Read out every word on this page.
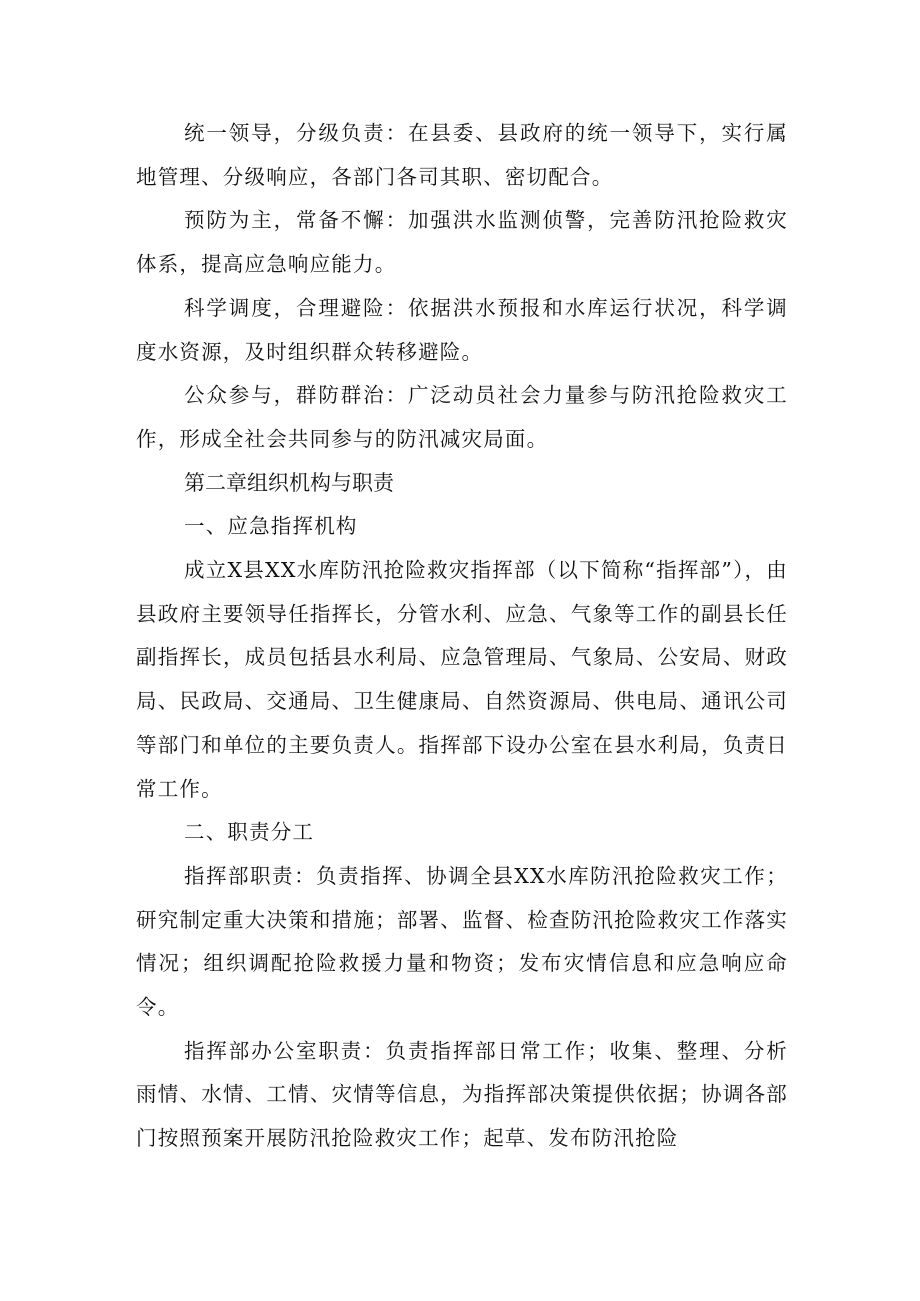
统一领导，分级负责：在县委、县政府的统一领导下，实行属地管理、分级响应，各部门各司其职、密切配合。

预防为主，常备不懈：加强洪水监测侦警，完善防汛抢险救灾体系，提高应急响应能力。

科学调度，合理避险：依据洪水预报和水库运行状况，科学调度水资源，及时组织群众转移避险。

公众参与，群防群治：广泛动员社会力量参与防汛抢险救灾工作，形成全社会共同参与的防汛减灾局面。

第二章组织机构与职责

一、应急指挥机构

成立X县XX水库防汛抢险救灾指挥部（以下简称“指挥部”），由县政府主要领导任指挥长，分管水利、应急、气象等工作的副县长任副指挥长，成员包括县水利局、应急管理局、气象局、公安局、财政局、民政局、交通局、卫生健康局、自然资源局、供电局、通讯公司等部门和单位的主要负责人。指挥部下设办公室在县水利局，负责日常工作。

二、职责分工

指挥部职责：负责指挥、协调全县XX水库防汛抢险救灾工作；研究制定重大决策和措施；部署、监督、检查防汛抢险救灾工作落实情况；组织调配抢险救援力量和物资；发布灾情信息和应急响应命令。

指挥部办公室职责：负责指挥部日常工作；收集、整理、分析雨情、水情、工情、灾情等信息，为指挥部决策提供依据；协调各部门按照预案开展防汛抢险救灾工作；起草、发布防汛抢险
